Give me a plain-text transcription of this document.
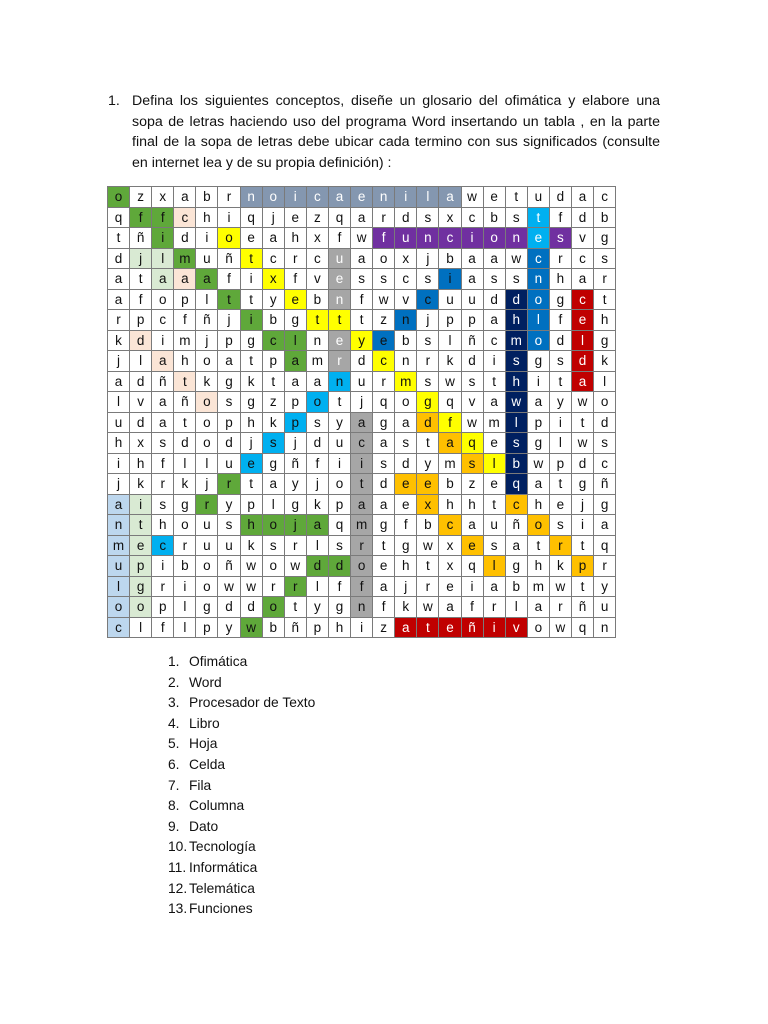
1. Defina los siguientes conceptos, diseñe un glosario del ofimática y elabore una sopa de letras haciendo uso del programa Word insertando un tabla , en la parte final de la sopa de letras debe ubicar cada termino con sus significados (consulte en internet lea y de su propia definición) :
o	z	x	a	b	r	n	o	i	c	a	e	n	i	l	a	w	e	t	u	d	a	c
q	f	f	c	h	i	q	j	e	z	q	a	r	d	s	x	c	b	s	t	f	d	b
t	ñ	i	d	i	o	e	a	h	x	f	w	f	u	n	c	i	o	n	e	s	v	g
d	j	l	m	u	ñ	t	c	r	c	u	a	o	x	j	b	a	a	w	c	r	c	s
a	t	a	a	a	f	i	x	f	v	e	s	s	c	s	i	a	s	s	n	h	a	r
a	f	o	p	l	t	t	y	e	b	n	f	w	v	c	u	u	d	d	o	g	c	t
r	p	c	f	ñ	j	i	b	g	t	t	t	z	n	j	p	p	a	h	l	f	e	h
k	d	i	m	j	p	g	c	l	n	e	y	e	b	s	l	ñ	c	m	o	d	l	g
j	l	a	h	o	a	t	p	a	m	r	d	c	n	r	k	d	i	s	g	s	d	k
a	d	ñ	t	k	g	k	t	a	a	n	u	r	m	s	w	s	t	h	i	t	a	l
l	v	a	ñ	o	s	g	z	p	o	t	j	q	o	g	q	v	a	w	a	y	w	o
u	d	a	t	o	p	h	k	p	s	y	a	g	a	d	f	w	m	l	p	i	t	d
h	x	s	d	o	d	j	s	j	d	u	c	a	s	t	a	q	e	s	g	l	w	s
i	h	f	l	l	u	e	g	ñ	f	i	i	s	d	y	m	s	l	b	w	p	d	c
j	k	r	k	j	r	t	a	y	j	o	t	d	e	e	b	z	e	q	a	t	g	ñ
a	i	s	g	r	y	p	l	g	k	p	a	a	e	x	h	h	t	c	h	e	j	g
n	t	h	o	u	s	h	o	j	a	q	m	g	f	b	c	a	u	ñ	o	s	i	a
m	e	c	r	u	u	k	s	r	l	s	r	t	g	w	x	e	s	a	t	r	t	q
u	p	i	b	o	ñ	w	o	w	d	d	o	e	h	t	x	q	l	g	h	k	p	r
l	g	r	i	o	w	w	r	r	l	f	f	a	j	r	e	i	a	b	m	w	t	y
o	o	p	l	g	d	d	o	t	y	g	n	f	k	w	a	f	r	l	a	r	ñ	u
c	l	f	l	p	y	w	b	ñ	p	h	i	z	a	t	e	ñ	i	v	o	w	q	n
1. Ofimática
2. Word
3. Procesador de Texto
4. Libro
5. Hoja
6. Celda
7. Fila
8. Columna
9. Dato
10. Tecnología
11. Informática
12. Telemática
13. Funciones
